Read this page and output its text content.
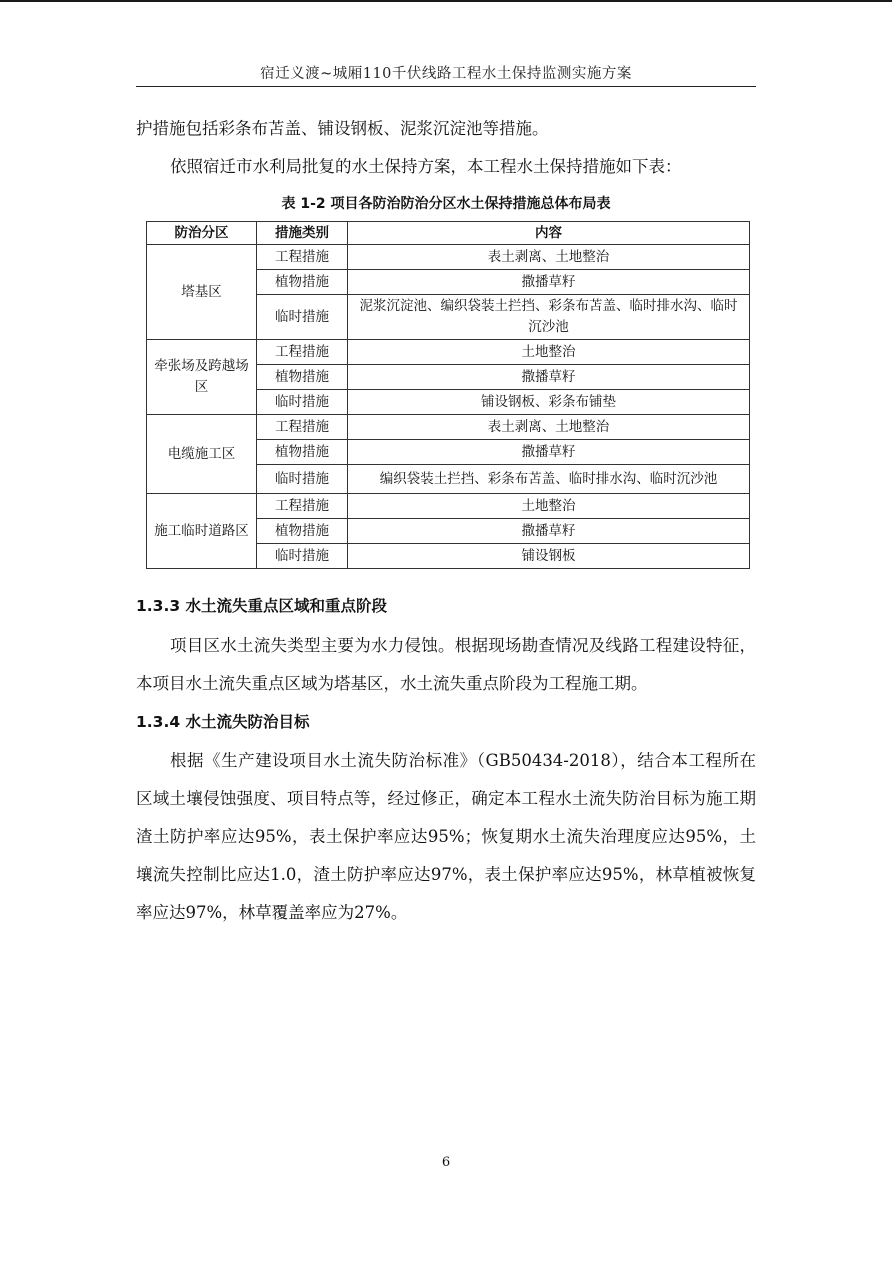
宿迁义渡~城厢110千伏线路工程水土保持监测实施方案

护措施包括彩条布苫盖、铺设钢板、泥浆沉淀池等措施。

依照宿迁市水利局批复的水土保持方案，本工程水土保持措施如下表：

表 1-2 项目各防治防治分区水土保持措施总体布局表
防治分区	措施类别	内容
塔基区	工程措施	表土剥离、土地整治
	植物措施	撒播草籽
	临时措施	泥浆沉淀池、编织袋装土拦挡、彩条布苫盖、临时排水沟、临时沉沙池
牵张场及跨越场区	工程措施	土地整治
	植物措施	撒播草籽
	临时措施	铺设钢板、彩条布铺垫
电缆施工区	工程措施	表土剥离、土地整治
	植物措施	撒播草籽
	临时措施	编织袋装土拦挡、彩条布苫盖、临时排水沟、临时沉沙池
施工临时道路区	工程措施	土地整治
	植物措施	撒播草籽
	临时措施	铺设钢板
1.3.3 水土流失重点区域和重点阶段

项目区水土流失类型主要为水力侵蚀。根据现场勘查情况及线路工程建设特征，本项目水土流失重点区域为塔基区，水土流失重点阶段为工程施工期。

1.3.4 水土流失防治目标

根据《生产建设项目水土流失防治标准》（GB50434-2018），结合本工程所在区域土壤侵蚀强度、项目特点等，经过修正，确定本工程水土流失防治目标为施工期渣土防护率应达95%，表土保护率应达95%；恢复期水土流失治理度应达95%，土壤流失控制比应达1.0，渣土防护率应达97%，表土保护率应达95%，林草植被恢复率应达97%，林草覆盖率应为27%。

6
